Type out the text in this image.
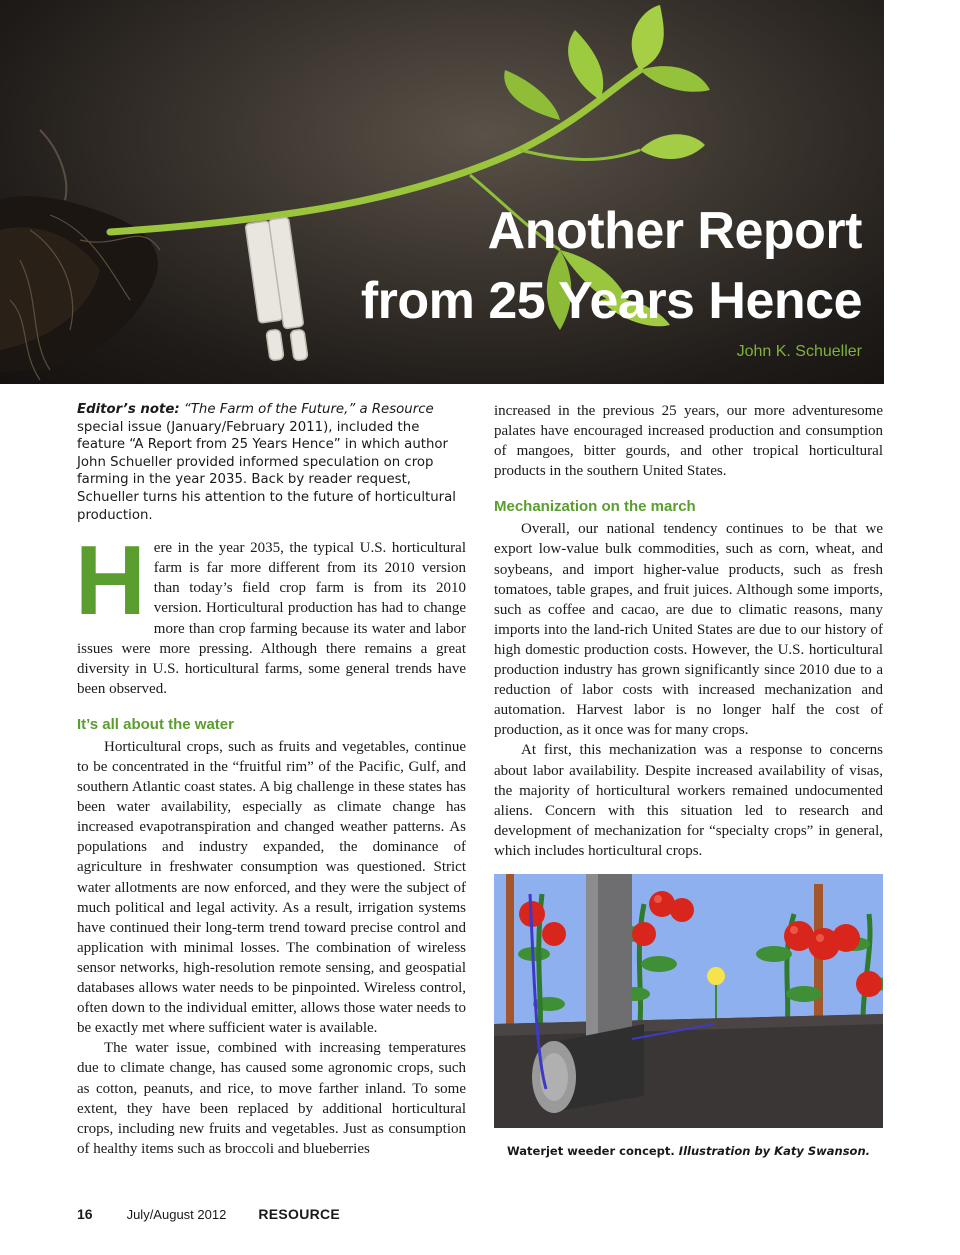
Another Report
from 25 Years Hence
John K. Schueller

Editor’s note: “The Farm of the Future,” a Resource special issue (January/February 2011), included the feature “A Report from 25 Years Hence” in which author John Schueller provided informed speculation on crop farming in the year 2035. Back by reader request, Schueller turns his attention to the future of horticultural production.

Here in the year 2035, the typical U.S. horticultural farm is far more different from its 2010 version than today’s field crop farm is from its 2010 version. Horticultural production has had to change more than crop farming because its water and labor issues were more pressing. Although there remains a great diversity in U.S. horticultural farms, some general trends have been observed.

It’s all about the water

Horticultural crops, such as fruits and vegetables, continue to be concentrated in the “fruitful rim” of the Pacific, Gulf, and southern Atlantic coast states. A big challenge in these states has been water availability, especially as climate change has increased evapotranspiration and changed weather patterns. As populations and industry expanded, the dominance of agriculture in freshwater consumption was questioned. Strict water allotments are now enforced, and they were the subject of much political and legal activity. As a result, irrigation systems have continued their long-term trend toward precise control and application with minimal losses. The combination of wireless sensor networks, high-resolution remote sensing, and geospatial databases allows water needs to be pinpointed. Wireless control, often down to the individual emitter, allows those water needs to be exactly met where sufficient water is available.

The water issue, combined with increasing temperatures due to climate change, has caused some agronomic crops, such as cotton, peanuts, and rice, to move farther inland. To some extent, they have been replaced by additional horticultural crops, including new fruits and vegetables. Just as consumption of healthy items such as broccoli and blueberries

increased in the previous 25 years, our more adventuresome palates have encouraged increased production and consumption of mangoes, bitter gourds, and other tropical horticultural products in the southern United States.

Mechanization on the march

Overall, our national tendency continues to be that we export low-value bulk commodities, such as corn, wheat, and soybeans, and import higher-value products, such as fresh tomatoes, table grapes, and fruit juices. Although some imports, such as coffee and cacao, are due to climatic reasons, many imports into the land-rich United States are due to our history of high domestic production costs. However, the U.S. horticultural production industry has grown significantly since 2010 due to a reduction of labor costs with increased mechanization and automation. Harvest labor is no longer half the cost of production, as it once was for many crops.

At first, this mechanization was a response to concerns about labor availability. Despite increased availability of visas, the majority of horticultural workers remained undocumented aliens. Concern with this situation led to research and development of mechanization for “specialty crops” in general, which includes horticultural crops.

Waterjet weeder concept. Illustration by Katy Swanson.
16	July/August 2012 RESOURCE
